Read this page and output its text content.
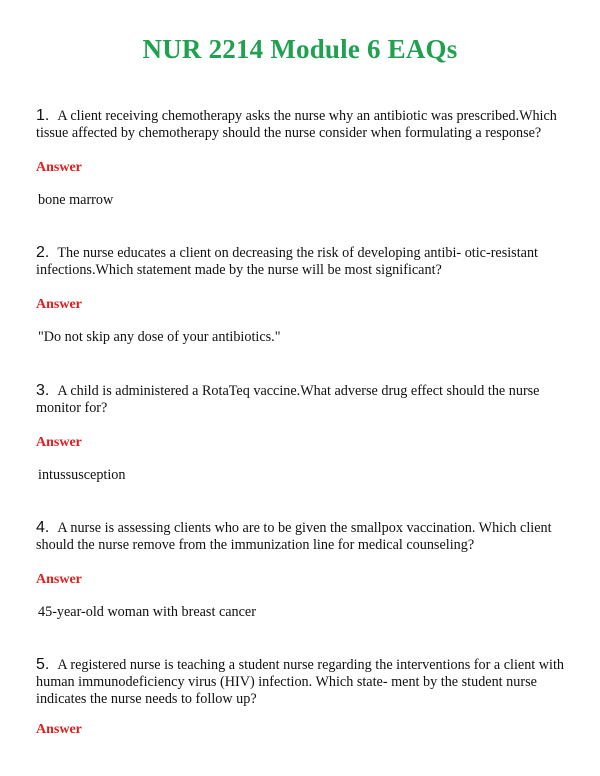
NUR 2214 Module 6 EAQs

1. A client receiving chemotherapy asks the nurse why an antibiotic was prescribed.Which tissue affected by chemotherapy should the nurse consider when formulating a response?

Answer

bone marrow

2. The nurse educates a client on decreasing the risk of developing antibi- otic-resistant infections.Which statement made by the nurse will be most significant?

Answer

"Do not skip any dose of your antibiotics."

3. A child is administered a RotaTeq vaccine.What adverse drug effect should the nurse monitor for?

Answer

intussusception

4. A nurse is assessing clients who are to be given the smallpox vaccination. Which client should the nurse remove from the immunization line for medical counseling?

Answer

45-year-old woman with breast cancer

5. A registered nurse is teaching a student nurse regarding the interventions for a client with human immunodeficiency virus (HIV) infection. Which state- ment by the student nurse indicates the nurse needs to follow up?

Answer
